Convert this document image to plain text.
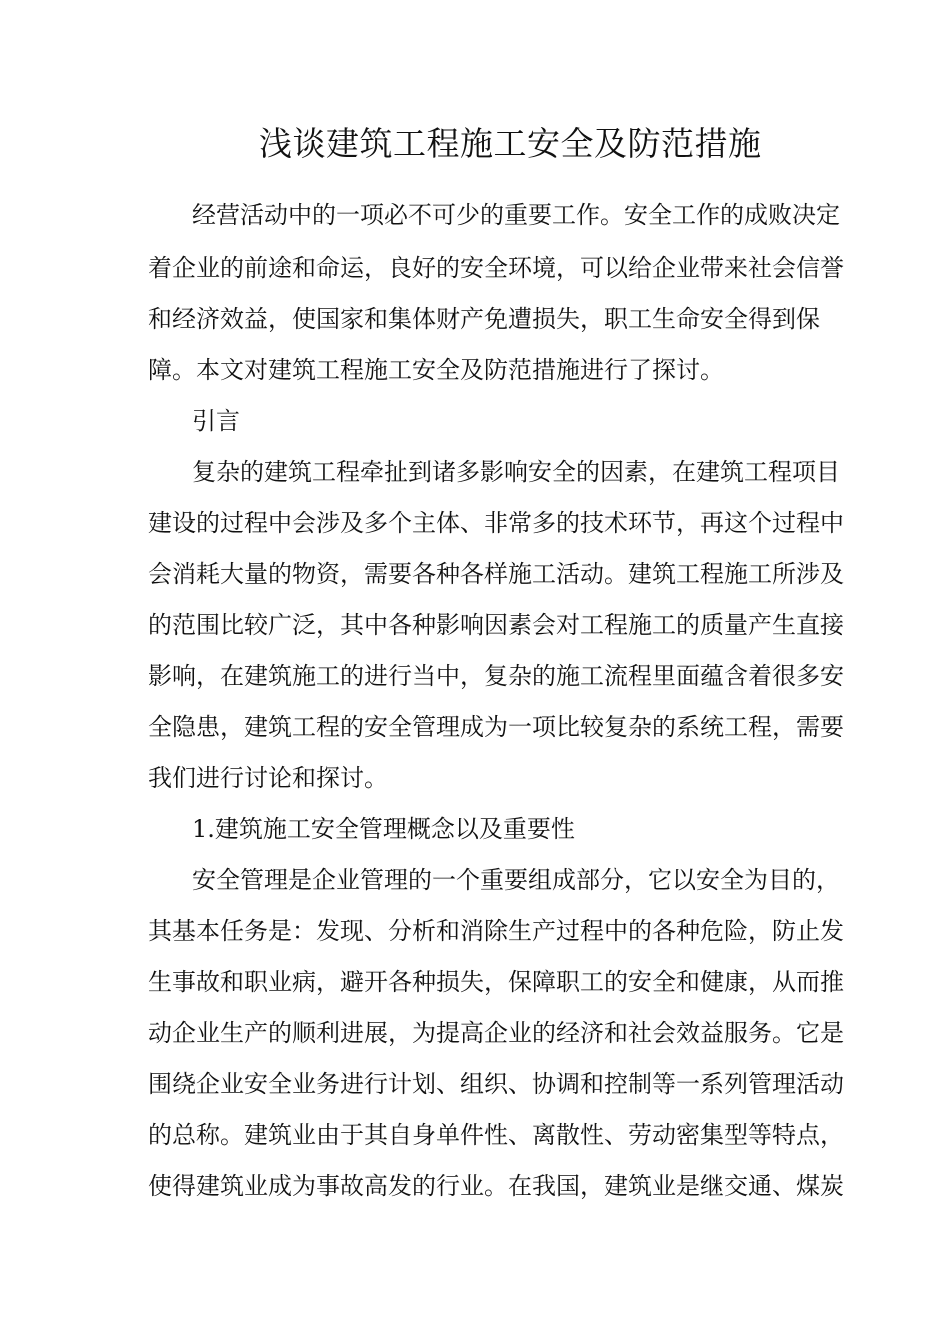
浅谈建筑工程施工安全及防范措施
经营活动中的一项必不可少的重要工作。安全工作的成败决定
着企业的前途和命运，良好的安全环境，可以给企业带来社会信誉
和经济效益，使国家和集体财产免遭损失，职工生命安全得到保
障。本文对建筑工程施工安全及防范措施进行了探讨。
引言
复杂的建筑工程牵扯到诸多影响安全的因素，在建筑工程项目
建设的过程中会涉及多个主体、非常多的技术环节，再这个过程中
会消耗大量的物资，需要各种各样施工活动。建筑工程施工所涉及
的范围比较广泛，其中各种影响因素会对工程施工的质量产生直接
影响，在建筑施工的进行当中，复杂的施工流程里面蕴含着很多安
全隐患，建筑工程的安全管理成为一项比较复杂的系统工程，需要
我们进行讨论和探讨。
1.建筑施工安全管理概念以及重要性
安全管理是企业管理的一个重要组成部分，它以安全为目的，
其基本任务是：发现、分析和消除生产过程中的各种危险，防止发
生事故和职业病，避开各种损失，保障职工的安全和健康，从而推
动企业生产的顺利进展，为提高企业的经济和社会效益服务。它是
围绕企业安全业务进行计划、组织、协调和控制等一系列管理活动
的总称。建筑业由于其自身单件性、离散性、劳动密集型等特点，
使得建筑业成为事故高发的行业。在我国，建筑业是继交通、煤炭
